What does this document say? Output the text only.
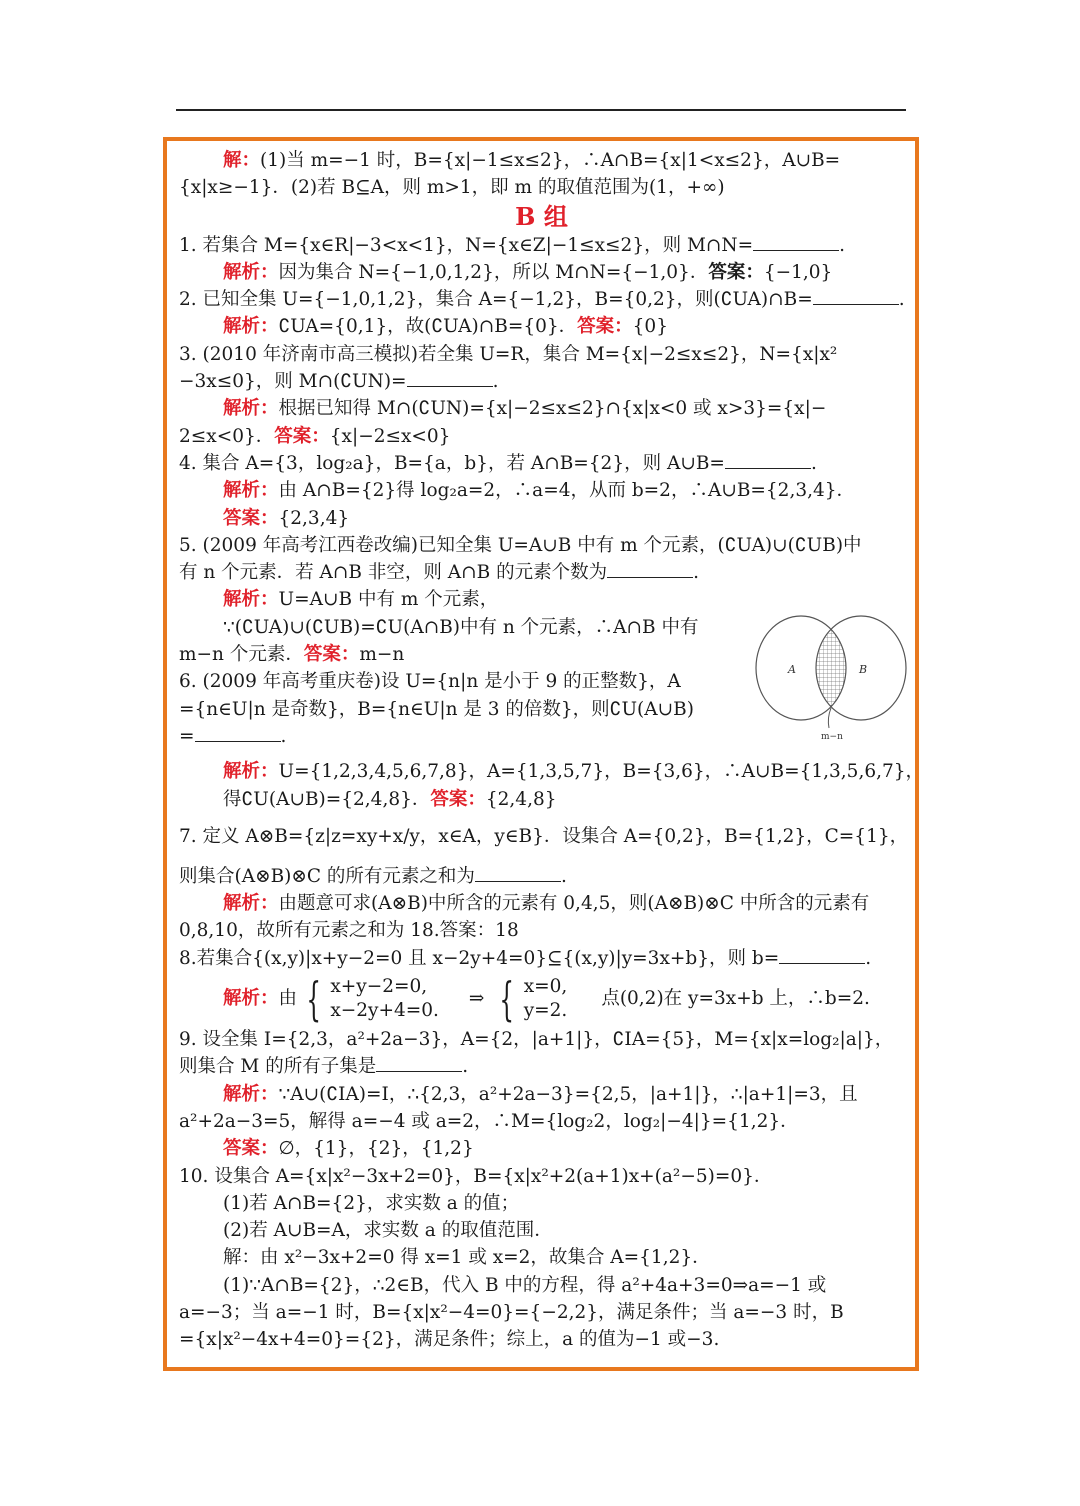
解：(1)当 m=−1 时，B={x|−1≤x≤2}，∴A∩B={x|1<x≤2}，A∪B=
{x|x≥−1}．(2)若 B⊆A，则 m>1，即 m 的取值范围为(1，+∞)
B 组
1. 若集合 M={x∈R|−3<x<1}，N={x∈Z|−1≤x≤2}，则 M∩N=	.
解析：因为集合 N={−1,0,1,2}，所以 M∩N={−1,0}．答案：{−1,0}
2. 已知全集 U={−1,0,1,2}，集合 A={−1,2}，B={0,2}，则(∁UA)∩B=	.
解析：∁UA={0,1}，故(∁UA)∩B={0}．答案：{0}
3. (2010 年济南市高三模拟)若全集 U=R，集合 M={x|−2≤x≤2}，N={x|x²
−3x≤0}，则 M∩(∁UN)=	.
解析：根据已知得 M∩(∁UN)={x|−2≤x≤2}∩{x|x<0 或 x>3}={x|−
2≤x<0}．答案：{x|−2≤x<0}
4. 集合 A={3，log₂a}，B={a，b}，若 A∩B={2}，则 A∪B=	.
解析：由 A∩B={2}得 log₂a=2，∴a=4，从而 b=2，∴A∪B={2,3,4}．
答案：{2,3,4}
5. (2009 年高考江西卷改编)已知全集 U=A∪B 中有 m 个元素，(∁UA)∪(∁UB)中
有 n 个元素．若 A∩B 非空，则 A∩B 的元素个数为	.
解析：U=A∪B 中有 m 个元素，
∵(∁UA)∪(∁UB)=∁U(A∩B)中有 n 个元素，∴A∩B 中有
m−n 个元素．答案：m−n
6. (2009 年高考重庆卷)设 U={n|n 是小于 9 的正整数}，A
={n∈U|n 是奇数}，B={n∈U|n 是 3 的倍数}，则∁U(A∪B)
=	.
解析：U={1,2,3,4,5,6,7,8}，A={1,3,5,7}，B={3,6}，∴A∪B={1,3,5,6,7}，
得∁U(A∪B)={2,4,8}．答案：{2,4,8}
7. 定义 A⊗B={z|z=xy+x/y，x∈A，y∈B}．设集合 A={0,2}，B={1,2}，C={1}，
则集合(A⊗B)⊗C 的所有元素之和为	.
解析：由题意可求(A⊗B)中所含的元素有 0,4,5，则(A⊗B)⊗C 中所含的元素有
0,8,10，故所有元素之和为 18.答案：18
8.若集合{(x,y)|x+y−2=0 且 x−2y+4=0}⊆{(x,y)|y=3x+b}，则 b=	.
解析： 由 { x+y−2=0,
x−2y+4=0.
⇒ { x=0,
y=2.
点(0,2)在 y=3x+b 上，∴b=2.
9. 设全集 I={2,3，a²+2a−3}，A={2，|a+1|}，∁IA={5}，M={x|x=log₂|a|}，
则集合 M 的所有子集是	.
解析：∵A∪(∁IA)=I，∴{2,3，a²+2a−3}={2,5，|a+1|}，∴|a+1|=3，且
a²+2a−3=5，解得 a=−4 或 a=2，∴M={log₂2，log₂|−4|}={1,2}．
答案：∅，{1}，{2}，{1,2}
10. 设集合 A={x|x²−3x+2=0}，B={x|x²+2(a+1)x+(a²−5)=0}．
(1)若 A∩B={2}，求实数 a 的值；
(2)若 A∪B=A，求实数 a 的取值范围．
解：由 x²−3x+2=0 得 x=1 或 x=2，故集合 A={1,2}．
(1)∵A∩B={2}，∴2∈B，代入 B 中的方程，得 a²+4a+3=0⇒a=−1 或
a=−3；当 a=−1 时，B={x|x²−4=0}={−2,2}，满足条件；当 a=−3 时，B
={x|x²−4x+4=0}={2}，满足条件；综上，a 的值为−1 或−3.
A	B
m−n
